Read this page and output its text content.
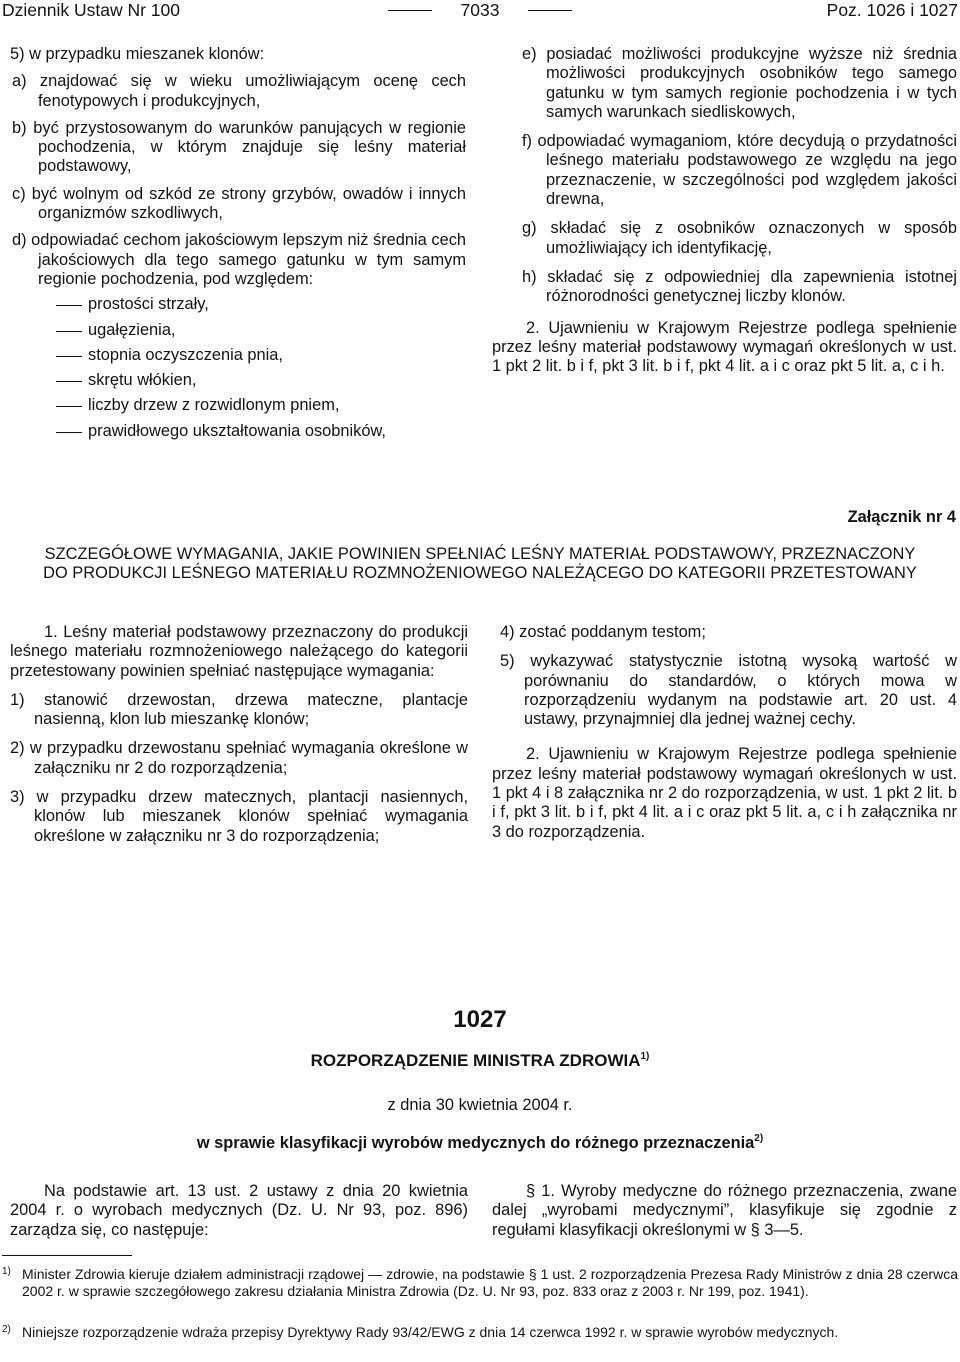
Dziennik Ustaw Nr 100	7033	Poz. 1026 i 1027

5) w przypadku mieszanek klonów:

a) znajdować się w wieku umożliwiającym ocenę cech fenotypowych i produkcyjnych,

b) być przystosowanym do warunków panujących w regionie pochodzenia, w którym znajduje się leśny materiał podstawowy,

c) być wolnym od szkód ze strony grzybów, owadów i innych organizmów szkodliwych,

d) odpowiadać cechom jakościowym lepszym niż średnia cech jakościowych dla tego samego gatunku w tym samym regionie pochodzenia, pod względem:

prostości strzały,

ugałęzienia,

stopnia oczyszczenia pnia,

skrętu włókien,

liczby drzew z rozwidlonym pniem,

prawidłowego ukształtowania osobników,

e) posiadać możliwości produkcyjne wyższe niż średnia możliwości produkcyjnych osobników tego samego gatunku w tym samych regionie pochodzenia i w tych samych warunkach siedliskowych,

f) odpowiadać wymaganiom, które decydują o przydatności leśnego materiału podstawowego ze względu na jego przeznaczenie, w szczególności pod względem jakości drewna,

g) składać się z osobników oznaczonych w sposób umożliwiający ich identyfikację,

h) składać się z odpowiedniej dla zapewnienia istotnej różnorodności genetycznej liczby klonów.

2. Ujawnieniu w Krajowym Rejestrze podlega spełnienie przez leśny materiał podstawowy wymagań określonych w ust. 1 pkt 2 lit. b i f, pkt 3 lit. b i f, pkt 4 lit. a i c oraz pkt 5 lit. a, c i h.

Załącznik nr 4
SZCZEGÓŁOWE WYMAGANIA, JAKIE POWINIEN SPEŁNIAĆ LEŚNY MATERIAŁ PODSTAWOWY, PRZEZNACZONY DO PRODUKCJI LEŚNEGO MATERIAŁU ROZMNOŻENIOWEGO NALEŻĄCEGO DO KATEGORII PRZETESTOWANY

1. Leśny materiał podstawowy przeznaczony do produkcji leśnego materiału rozmnożeniowego należącego do kategorii przetestowany powinien spełniać następujące wymagania:

1) stanowić drzewostan, drzewa mateczne, plantacje nasienną, klon lub mieszankę klonów;

2) w przypadku drzewostanu spełniać wymagania określone w załączniku nr 2 do rozporządzenia;

3) w przypadku drzew matecznych, plantacji nasiennych, klonów lub mieszanek klonów spełniać wymagania określone w załączniku nr 3 do rozporządzenia;

4) zostać poddanym testom;

5) wykazywać statystycznie istotną wysoką wartość w porównaniu do standardów, o których mowa w rozporządzeniu wydanym na podstawie art. 20 ust. 4 ustawy, przynajmniej dla jednej ważnej cechy.

2. Ujawnieniu w Krajowym Rejestrze podlega spełnienie przez leśny materiał podstawowy wymagań określonych w ust. 1 pkt 4 i 8 załącznika nr 2 do rozporządzenia, w ust. 1 pkt 2 lit. b i f, pkt 3 lit. b i f, pkt 4 lit. a i c oraz pkt 5 lit. a, c i h załącznika nr 3 do rozporządzenia.

1027
ROZPORZĄDZENIE MINISTRA ZDROWIA$^{1)}$
z dnia 30 kwietnia 2004 r.
w sprawie klasyfikacji wyrobów medycznych do różnego przeznaczenia$^{2)}$

Na podstawie art. 13 ust. 2 ustawy z dnia 20 kwietnia 2004 r. o wyrobach medycznych (Dz. U. Nr 93, poz. 896) zarządza się, co następuje:

§ 1. Wyroby medyczne do różnego przeznaczenia, zwane dalej „wyrobami medycznymi”, klasyfikuje się zgodnie z regułami klasyfikacji określonymi w § 3—5.

1) Minister Zdrowia kieruje działem administracji rządowej — zdrowie, na podstawie § 1 ust. 2 rozporządzenia Prezesa Rady Ministrów z dnia 28 czerwca 2002 r. w sprawie szczegółowego zakresu działania Ministra Zdrowia (Dz. U. Nr 93, poz. 833 oraz z 2003 r. Nr 199, poz. 1941).
2) Niniejsze rozporządzenie wdraża przepisy Dyrektywy Rady 93/42/EWG z dnia 14 czerwca 1992 r. w sprawie wyrobów medycznych.
